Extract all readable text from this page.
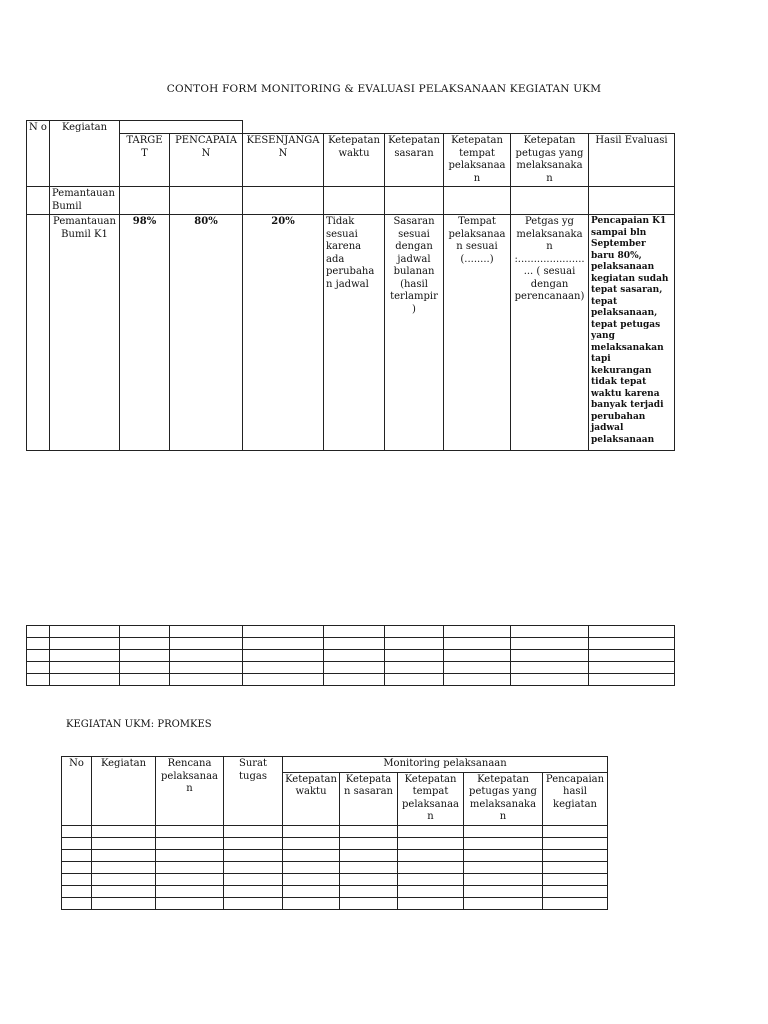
CONTOH FORM MONITORING & EVALUASI PELAKSANAAN KEGIATAN UKM
N o	Kegiatan								
		TARGE T	PENCAPAIAN	KESENJANGAN	Ketepatan waktu	Ketepatan sasaran	Ketepatan tempat pelaksanaa n	Ketepatan petugas yang melaksanaka n	Hasil Evaluasi
	Pemantauan Bumil								
	Pemantauan Bumil K1	98%	80%	20%	Tidak sesuai karena ada perubaha n jadwal	Sasaran sesuai dengan jadwal bulanan (hasil terlampir )	Tempat pelaksanaa n sesuai (........)	Petgas yg melaksanaka n :........................ ( sesuai dengan perencanaan)	Pencapaian K1 sampai bln September baru 80%, pelaksanaan kegiatan sudah tepat sasaran, tepat pelaksanaan, tepat petugas yang melaksanakan tapi kekurangan tidak tepat waktu karena banyak terjadi perubahan jadwal pelaksanaan

KEGIATAN UKM: PROMKES
No	Kegiatan	Rencana pelaksanaan	Surat tugas	Monitoring pelaksanaan				
				Ketepatan waktu	Ketepata n sasaran	Ketepatan tempat pelaksanaan	Ketepatan petugas yang melaksanaka n	Pencapaian hasil kegiatan
